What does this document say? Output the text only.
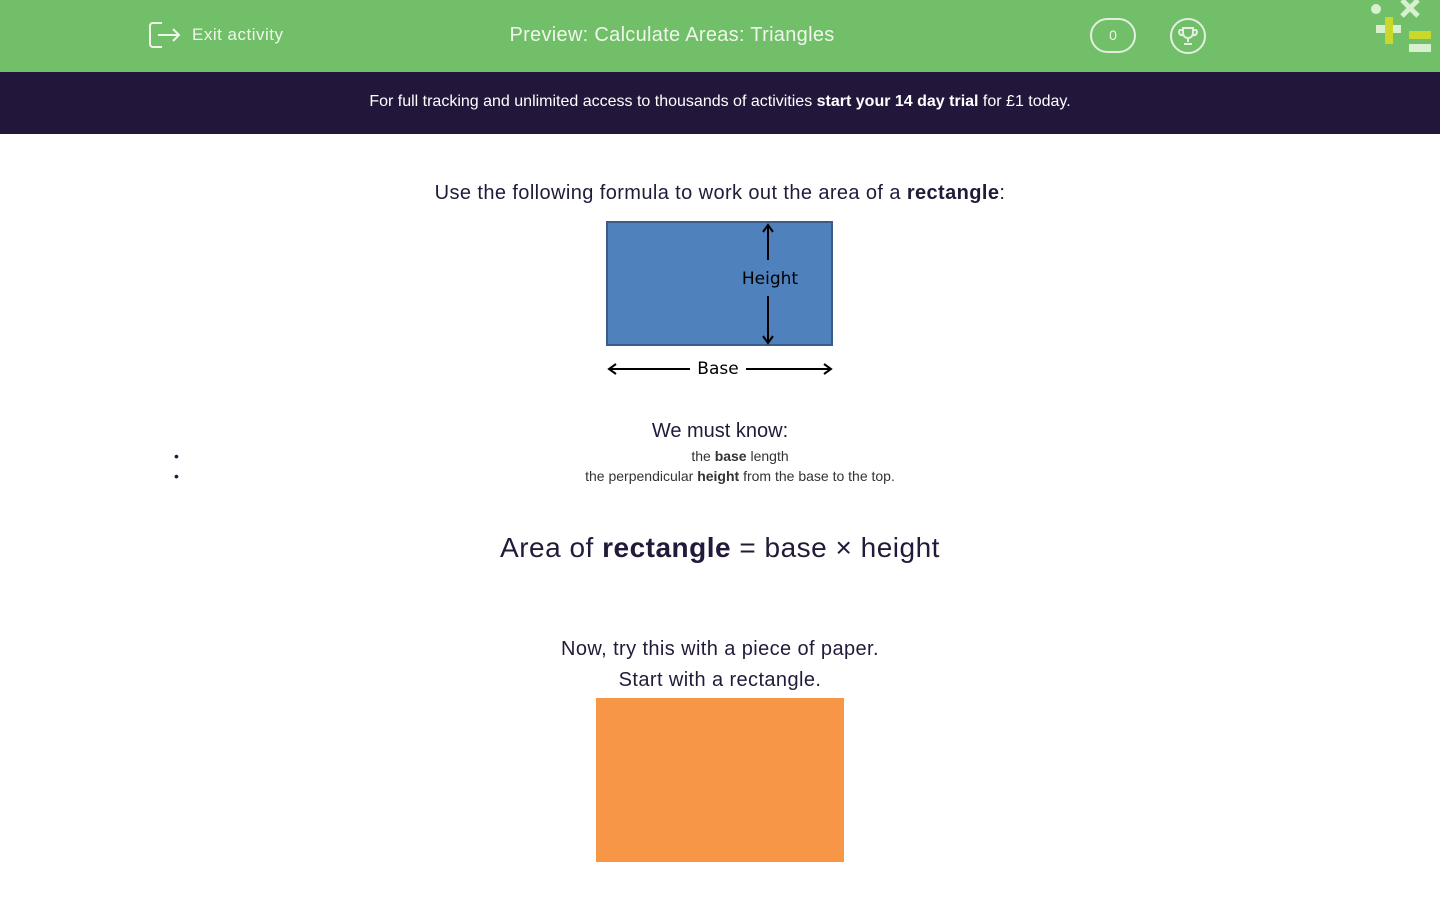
Exit activity	Preview: Calculate Areas: Triangles	0
For full tracking and unlimited access to thousands of activities start your 14 day trial for £1 today.
Use the following formula to work out the area of a rectangle:
Height
Base
We must know:
•
•
the base length
the perpendicular height from the base to the top.
Area of rectangle = base × height
Now, try this with a piece of paper.
Start with a rectangle.
